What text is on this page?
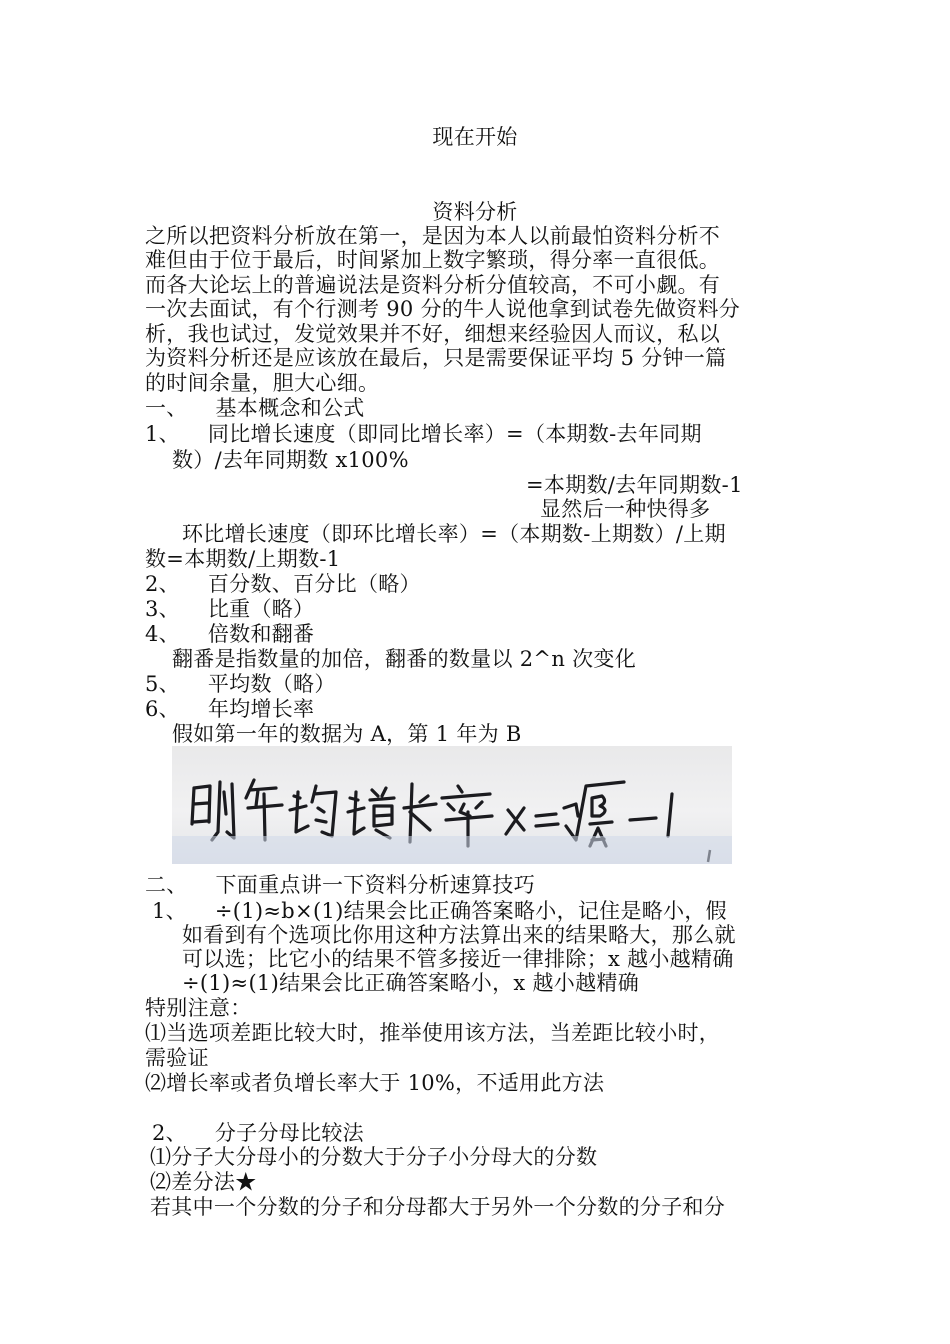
现在开始
资料分析
之所以把资料分析放在第一，是因为本人以前最怕资料分析不
难但由于位于最后，时间紧加上数字繁琐，得分率一直很低。
而各大论坛上的普遍说法是资料分析分值较高，不可小觑。有
一次去面试，有个行测考 90 分的牛人说他拿到试卷先做资料分
析，我也试过，发觉效果并不好，细想来经验因人而议，私以
为资料分析还是应该放在最后，只是需要保证平均 5 分钟一篇
的时间余量，胆大心细。
一、    基本概念和公式
1、    同比增长速度（即同比增长率）=（本期数-去年同期
数）/去年同期数 x100%
=本期数/去年同期数-1
显然后一种快得多
环比增长速度（即环比增长率）=（本期数-上期数）/上期
数=本期数/上期数-1
2、    百分数、百分比（略）
3、    比重（略）
4、    倍数和翻番
翻番是指数量的加倍，翻番的数量以 2^n 次变化
5、    平均数（略）
6、    年均增长率
假如第一年的数据为 A，第 1 年为 B
二、    下面重点讲一下资料分析速算技巧
1、    ÷(1)≈b×(1)结果会比正确答案略小，记住是略小，假
如看到有个选项比你用这种方法算出来的结果略大，那么就
可以选；比它小的结果不管多接近一律排除；x 越小越精确
÷(1)≈(1)结果会比正确答案略小，x 越小越精确
特别注意：
⑴当选项差距比较大时，推举使用该方法，当差距比较小时，
需验证
⑵增长率或者负增长率大于 10%，不适用此方法
2、    分子分母比较法
⑴分子大分母小的分数大于分子小分母大的分数
⑵差分法★
若其中一个分数的分子和分母都大于另外一个分数的分子和分
